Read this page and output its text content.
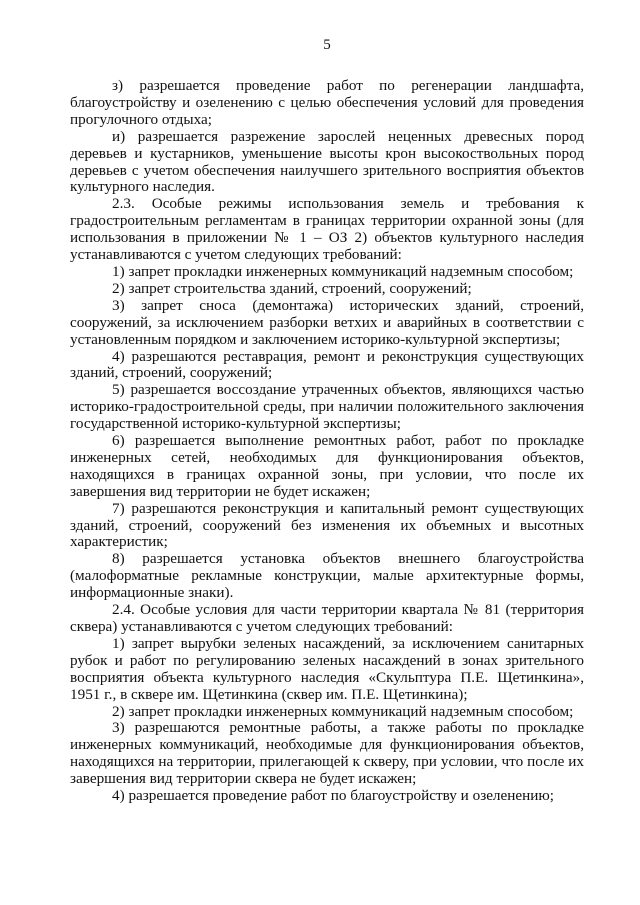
5

з) разрешается проведение работ по регенерации ландшафта, благоустройству и озеленению с целью обеспечения условий для проведения прогулочного отдыха;

и) разрешается разрежение зарослей неценных древесных пород деревьев и кустарников, уменьшение высоты крон высокоствольных пород деревьев с учетом обеспечения наилучшего зрительного восприятия объектов культурного наследия.

2.3. Особые режимы использования земель и требования к градостроительным регламентам в границах территории охранной зоны (для использования в приложении № 1 – ОЗ 2) объектов культурного наследия устанавливаются с учетом следующих требований:

1) запрет прокладки инженерных коммуникаций надземным способом;

2) запрет строительства зданий, строений, сооружений;

3) запрет сноса (демонтажа) исторических зданий, строений, сооружений, за исключением разборки ветхих и аварийных в соответствии с установленным порядком и заключением историко-культурной экспертизы;

4) разрешаются реставрация, ремонт и реконструкция существующих зданий, строений, сооружений;

5) разрешается воссоздание утраченных объектов, являющихся частью историко-градостроительной среды, при наличии положительного заключения государственной историко-культурной экспертизы;

6) разрешается выполнение ремонтных работ, работ по прокладке инженерных сетей, необходимых для функционирования объектов, находящихся в границах охранной зоны, при условии, что после их завершения вид территории не будет искажен;

7) разрешаются реконструкция и капитальный ремонт существующих зданий, строений, сооружений без изменения их объемных и высотных характеристик;

8) разрешается установка объектов внешнего благоустройства (малоформатные рекламные конструкции, малые архитектурные формы, информационные знаки).

2.4. Особые условия для части территории квартала № 81 (территория сквера) устанавливаются с учетом следующих требований:

1) запрет вырубки зеленых насаждений, за исключением санитарных рубок и работ по регулированию зеленых насаждений в зонах зрительного восприятия объекта культурного наследия «Скульптура П.Е. Щетинкина», 1951 г., в сквере им. Щетинкина (сквер им. П.Е. Щетинкина);

2) запрет прокладки инженерных коммуникаций надземным способом;

3) разрешаются ремонтные работы, а также работы по прокладке инженерных коммуникаций, необходимые для функционирования объектов, находящихся на территории, прилегающей к скверу, при условии, что после их завершения вид территории сквера не будет искажен;

4) разрешается проведение работ по благоустройству и озеленению;
